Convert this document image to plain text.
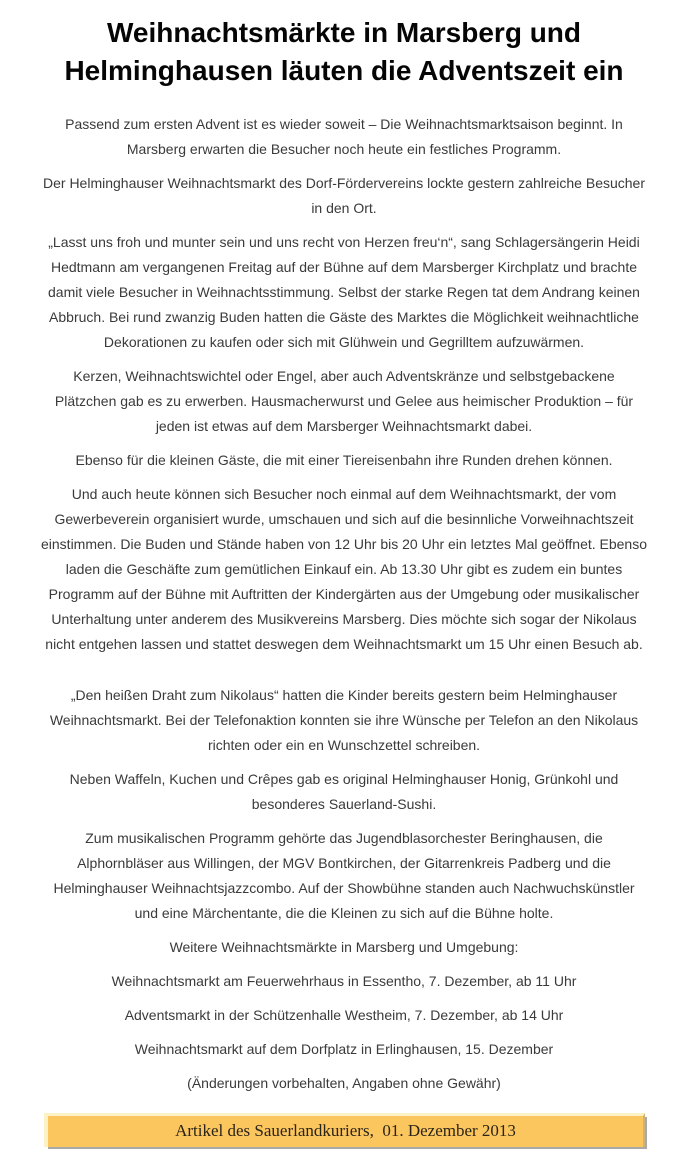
Weihnachtsmärkte in Marsberg und Helminghausen läuten die Adventszeit ein

Passend zum ersten Advent ist es wieder soweit – Die Weihnachtsmarktsaison beginnt. In Marsberg erwarten die Besucher noch heute ein festliches Programm.

Der Helminghauser Weihnachtsmarkt des Dorf-Fördervereins lockte gestern zahlreiche Besucher in den Ort.

„Lasst uns froh und munter sein und uns recht von Herzen freu‘n“, sang Schlagersängerin Heidi Hedtmann am vergangenen Freitag auf der Bühne auf dem Marsberger Kirchplatz und brachte damit viele Besucher in Weihnachtsstimmung. Selbst der starke Regen tat dem Andrang keinen Abbruch. Bei rund zwanzig Buden hatten die Gäste des Marktes die Möglichkeit weihnachtliche Dekorationen zu kaufen oder sich mit Glühwein und Gegrilltem aufzuwärmen.

Kerzen, Weihnachtswichtel oder Engel, aber auch Adventskränze und selbstgebackene Plätzchen gab es zu erwerben. Hausmacherwurst und Gelee aus heimischer Produktion – für jeden ist etwas auf dem Marsberger Weihnachtsmarkt dabei.

Ebenso für die kleinen Gäste, die mit einer Tiereisenbahn ihre Runden drehen können.

Und auch heute können sich Besucher noch einmal auf dem Weihnachtsmarkt, der vom Gewerbeverein organisiert wurde, umschauen und sich auf die besinnliche Vorweihnachtszeit einstimmen. Die Buden und Stände haben von 12 Uhr bis 20 Uhr ein letztes Mal geöffnet. Ebenso laden die Geschäfte zum gemütlichen Einkauf ein. Ab 13.30 Uhr gibt es zudem ein buntes Programm auf der Bühne mit Auftritten der Kindergärten aus der Umgebung oder musikalischer Unterhaltung unter anderem des Musikvereins Marsberg. Dies möchte sich sogar der Nikolaus nicht entgehen lassen und stattet deswegen dem Weihnachtsmarkt um 15 Uhr einen Besuch ab.

„Den heißen Draht zum Nikolaus“ hatten die Kinder bereits gestern beim Helminghauser Weihnachtsmarkt. Bei der Telefonaktion konnten sie ihre Wünsche per Telefon an den Nikolaus richten oder ein en Wunschzettel schreiben.

Neben Waffeln, Kuchen und Crêpes gab es original Helminghauser Honig, Grünkohl und besonderes Sauerland-Sushi.

Zum musikalischen Programm gehörte das Jugendblasorchester Beringhausen, die Alphornbläser aus Willingen, der MGV Bontkirchen, der Gitarrenkreis Padberg und die Helminghauser Weihnachtsjazzcombo. Auf der Showbühne standen auch Nachwuchskünstler und eine Märchentante, die die Kleinen zu sich auf die Bühne holte.

Weitere Weihnachtsmärkte in Marsberg und Umgebung:

Weihnachtsmarkt am Feuerwehrhaus in Essentho, 7. Dezember, ab 11 Uhr

Adventsmarkt in der Schützenhalle Westheim, 7. Dezember, ab 14 Uhr

Weihnachtsmarkt auf dem Dorfplatz in Erlinghausen, 15. Dezember

(Änderungen vorbehalten, Angaben ohne Gewähr)

Artikel des Sauerlandkuriers,  01. Dezember 2013
